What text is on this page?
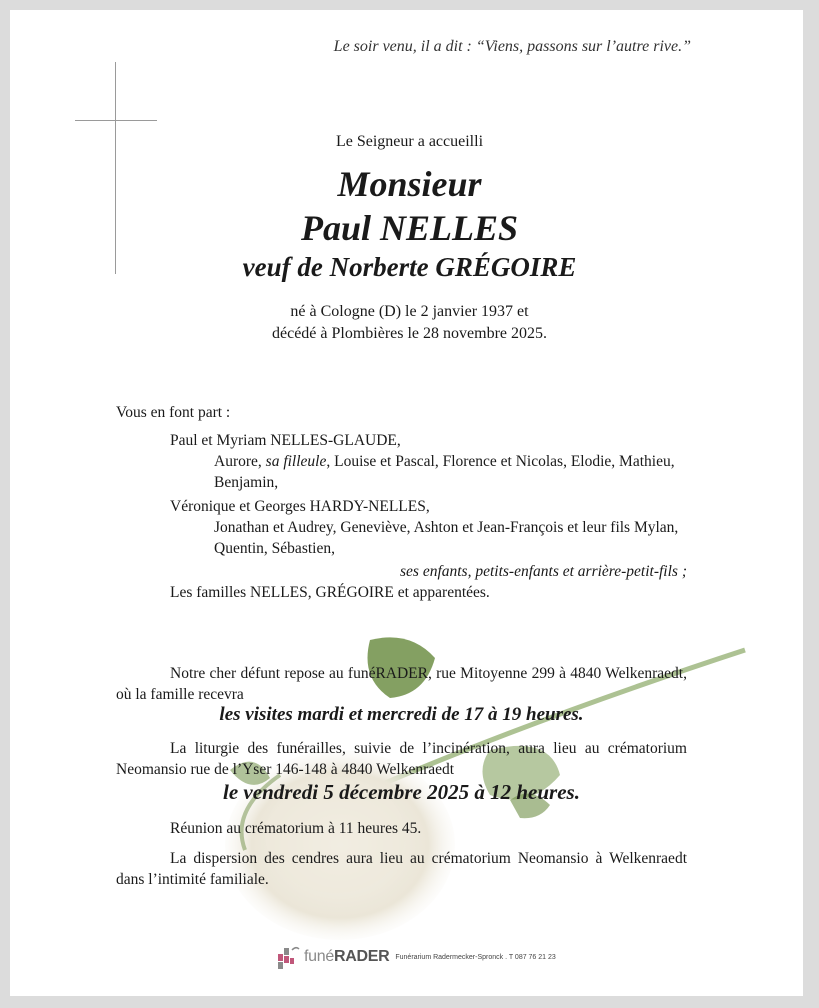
Le soir venu, il a dit : “Viens, passons sur l’autre rive.”
Le Seigneur a accueilli
Monsieur
Paul NELLES
veuf de Norberte GRÉGOIRE
né à Cologne (D) le 2 janvier 1937 et
décédé à Plombières le 28 novembre 2025.
Vous en font part :
Paul et Myriam NELLES-GLAUDE,
Aurore, sa filleule, Louise et Pascal, Florence et Nicolas, Elodie, Mathieu, Benjamin,
Véronique et Georges HARDY-NELLES,
Jonathan et Audrey, Geneviève, Ashton et Jean-François et leur fils Mylan, Quentin, Sébastien,
ses enfants, petits-enfants et arrière-petit-fils ;
Les familles NELLES, GRÉGOIRE et apparentées.
Notre cher défunt repose au funéRADER, rue Mitoyenne 299 à 4840 Welkenraedt, où la famille recevra
les visites mardi et mercredi de 17 à 19 heures.
La liturgie des funérailles, suivie de l’incinération, aura lieu au crématorium Neomansio rue de l’Yser 146-148 à 4840 Welkenraedt
le vendredi 5 décembre 2025 à 12 heures.
Réunion au crématorium à 11 heures 45.
La dispersion des cendres aura lieu au crématorium Neomansio à Welkenraedt dans l’intimité familiale.
funéRADER Funérarium Radermecker-Spronck . T 087 76 21 23
